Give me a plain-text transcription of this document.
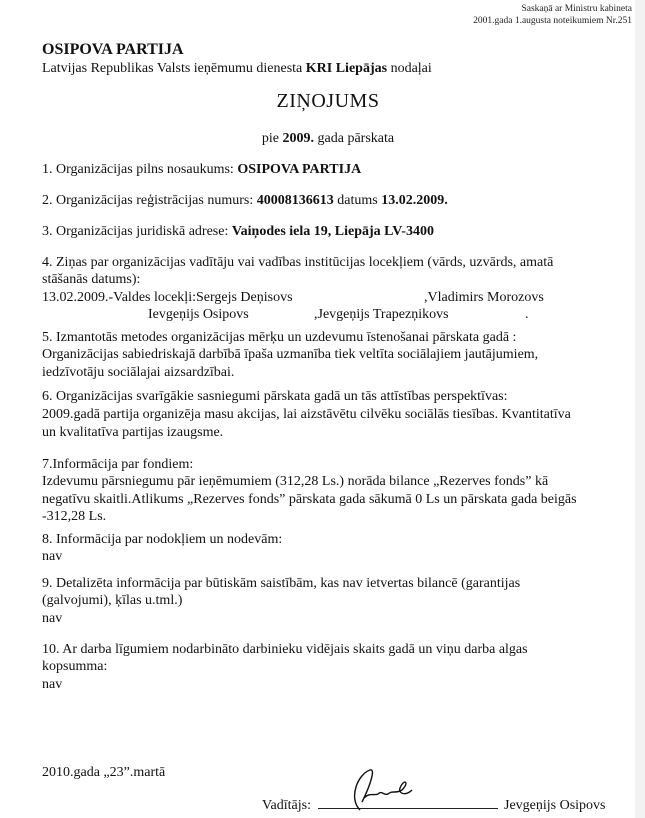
Saskaņā ar Ministru kabineta
2001.gada 1.augusta noteikumiem Nr.251
OSIPOVA PARTIJA
Latvijas Republikas Valsts ieņēmumu dienesta KRI Liepājas nodaļai
ZIŅOJUMS
pie 2009. gada pārskata
1. Organizācijas pilns nosaukums: OSIPOVA PARTIJA
2. Organizācijas reģistrācijas numurs: 40008136613 datums 13.02.2009.
3. Organizācijas juridiskā adrese: Vaiņodes iela 19, Liepāja LV-3400
4. Ziņas par organizācijas vadītāju vai vadības institūcijas locekļiem (vārds, uzvārds, amatā
stāšanās datums):
13.02.2009.-Valdes locekļi:Sergejs Deņisovs	,Vladimirs Morozovs
Ievgeņijs Osipovs	,Jevgeņijs Trapezņikovs	.
5. Izmantotās metodes organizācijas mērķu un uzdevumu īstenošanai pārskata gadā :
Organizācijas sabiedriskajā darbībā īpaša uzmanība tiek veltīta sociālajiem jautājumiem,
iedzīvotāju sociālajai aizsardzībai.
6. Organizācijas svarīgākie sasniegumi pārskata gadā un tās attīstības perspektīvas:
2009.gadā partija organizēja masu akcijas, lai aizstāvētu cilvēku sociālās tiesības. Kvantitatīva
un kvalitatīva partijas izaugsme.
7.Informācija par fondiem:
Izdevumu pārsniegumu pār ieņēmumiem (312,28 Ls.) norāda bilance „Rezerves fonds” kā
negatīvu skaitli.Atlikums „Rezerves fonds” pārskata gada sākumā 0 Ls un pārskata gada beigās
-312,28 Ls.
8. Informācija par nodokļiem un nodevām:
nav
9. Detalizēta informācija par būtiskām saistībām, kas nav ietvertas bilancē (garantijas
(galvojumi), ķīlas u.tml.)
nav
10. Ar darba līgumiem nodarbināto darbinieku vidējais skaits gadā un viņu darba algas
kopsumma:
nav
2010.gada „23”.martā
Vadītājs:	Jevgeņijs Osipovs
